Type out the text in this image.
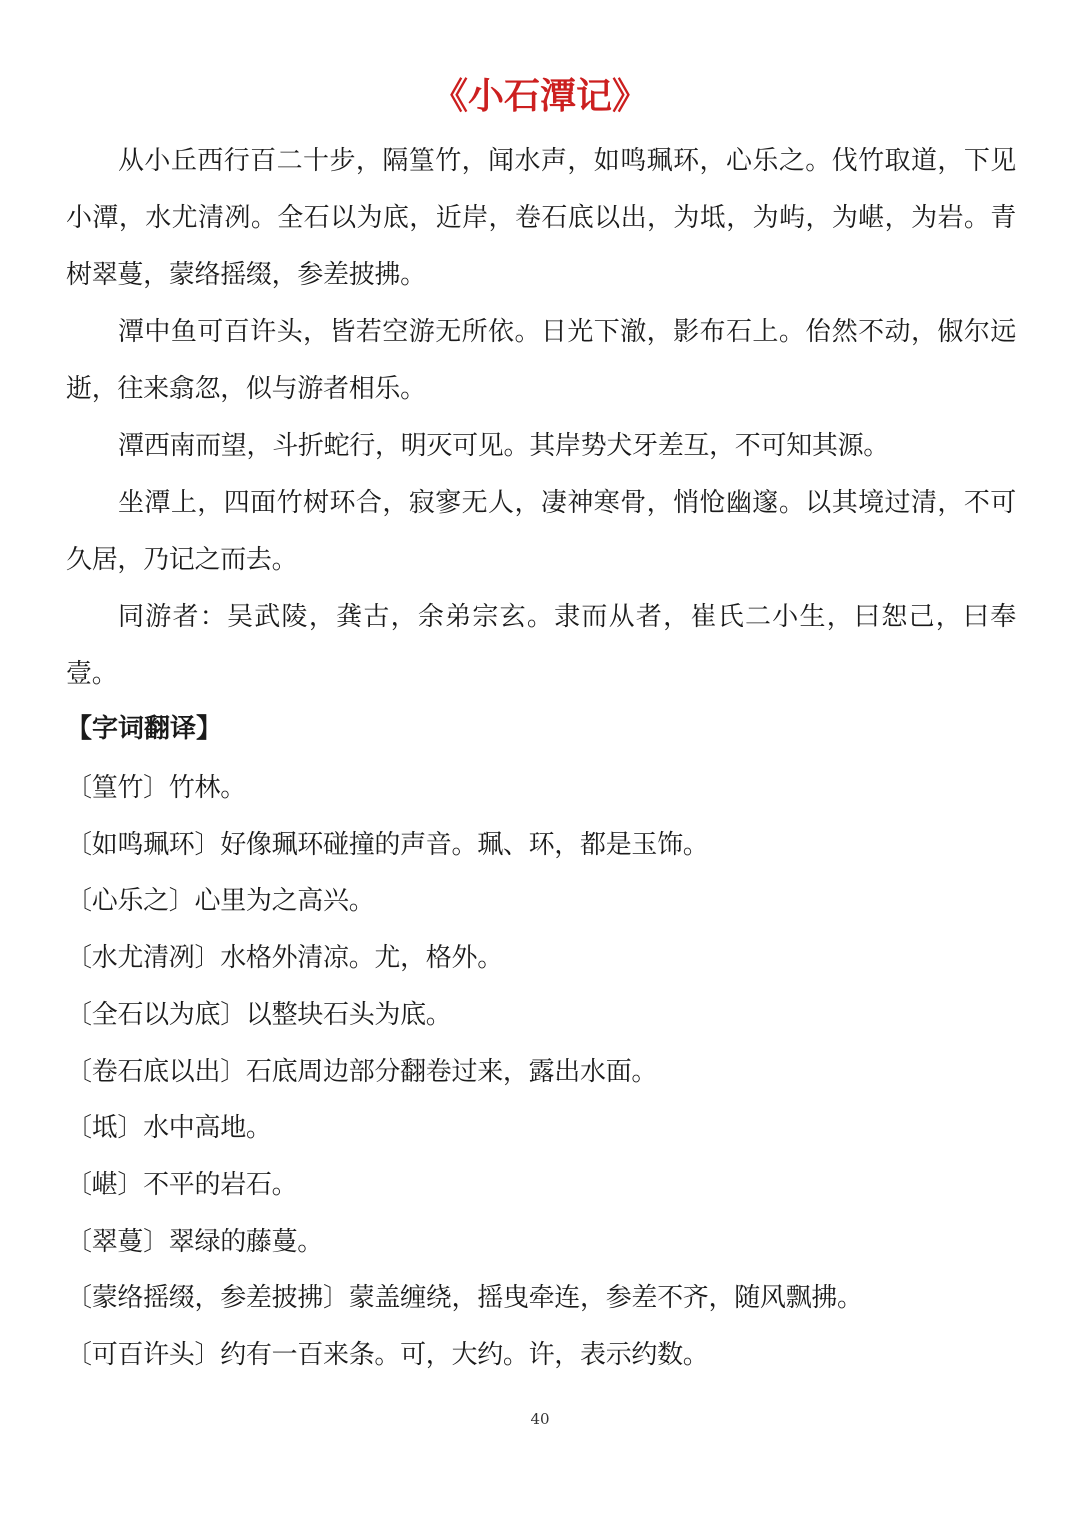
《小石潭记》

从小丘西行百二十步，隔篁竹，闻水声，如鸣珮环，心乐之。伐竹取道，下见小潭，水尤清冽。全石以为底，近岸，卷石底以出，为坻，为屿，为嵁，为岩。青树翠蔓，蒙络摇缀，参差披拂。

潭中鱼可百许头，皆若空游无所依。日光下澈，影布石上。佁然不动，俶尔远逝，往来翕忽，似与游者相乐。

潭西南而望，斗折蛇行，明灭可见。其岸势犬牙差互，不可知其源。

坐潭上，四面竹树环合，寂寥无人，凄神寒骨，悄怆幽邃。以其境过清，不可久居，乃记之而去。

同游者：吴武陵，龚古，余弟宗玄。隶而从者，崔氏二小生，曰恕己，曰奉壹。

【字词翻译】
〔篁竹〕竹林。
〔如鸣珮环〕好像珮环碰撞的声音。珮、环，都是玉饰。
〔心乐之〕心里为之高兴。
〔水尤清冽〕水格外清凉。尤，格外。
〔全石以为底〕以整块石头为底。
〔卷石底以出〕石底周边部分翻卷过来，露出水面。
〔坻〕水中高地。
〔嵁〕不平的岩石。
〔翠蔓〕翠绿的藤蔓。
〔蒙络摇缀，参差披拂〕蒙盖缠绕，摇曳牵连，参差不齐，随风飘拂。
〔可百许头〕约有一百来条。可，大约。许，表示约数。
40
